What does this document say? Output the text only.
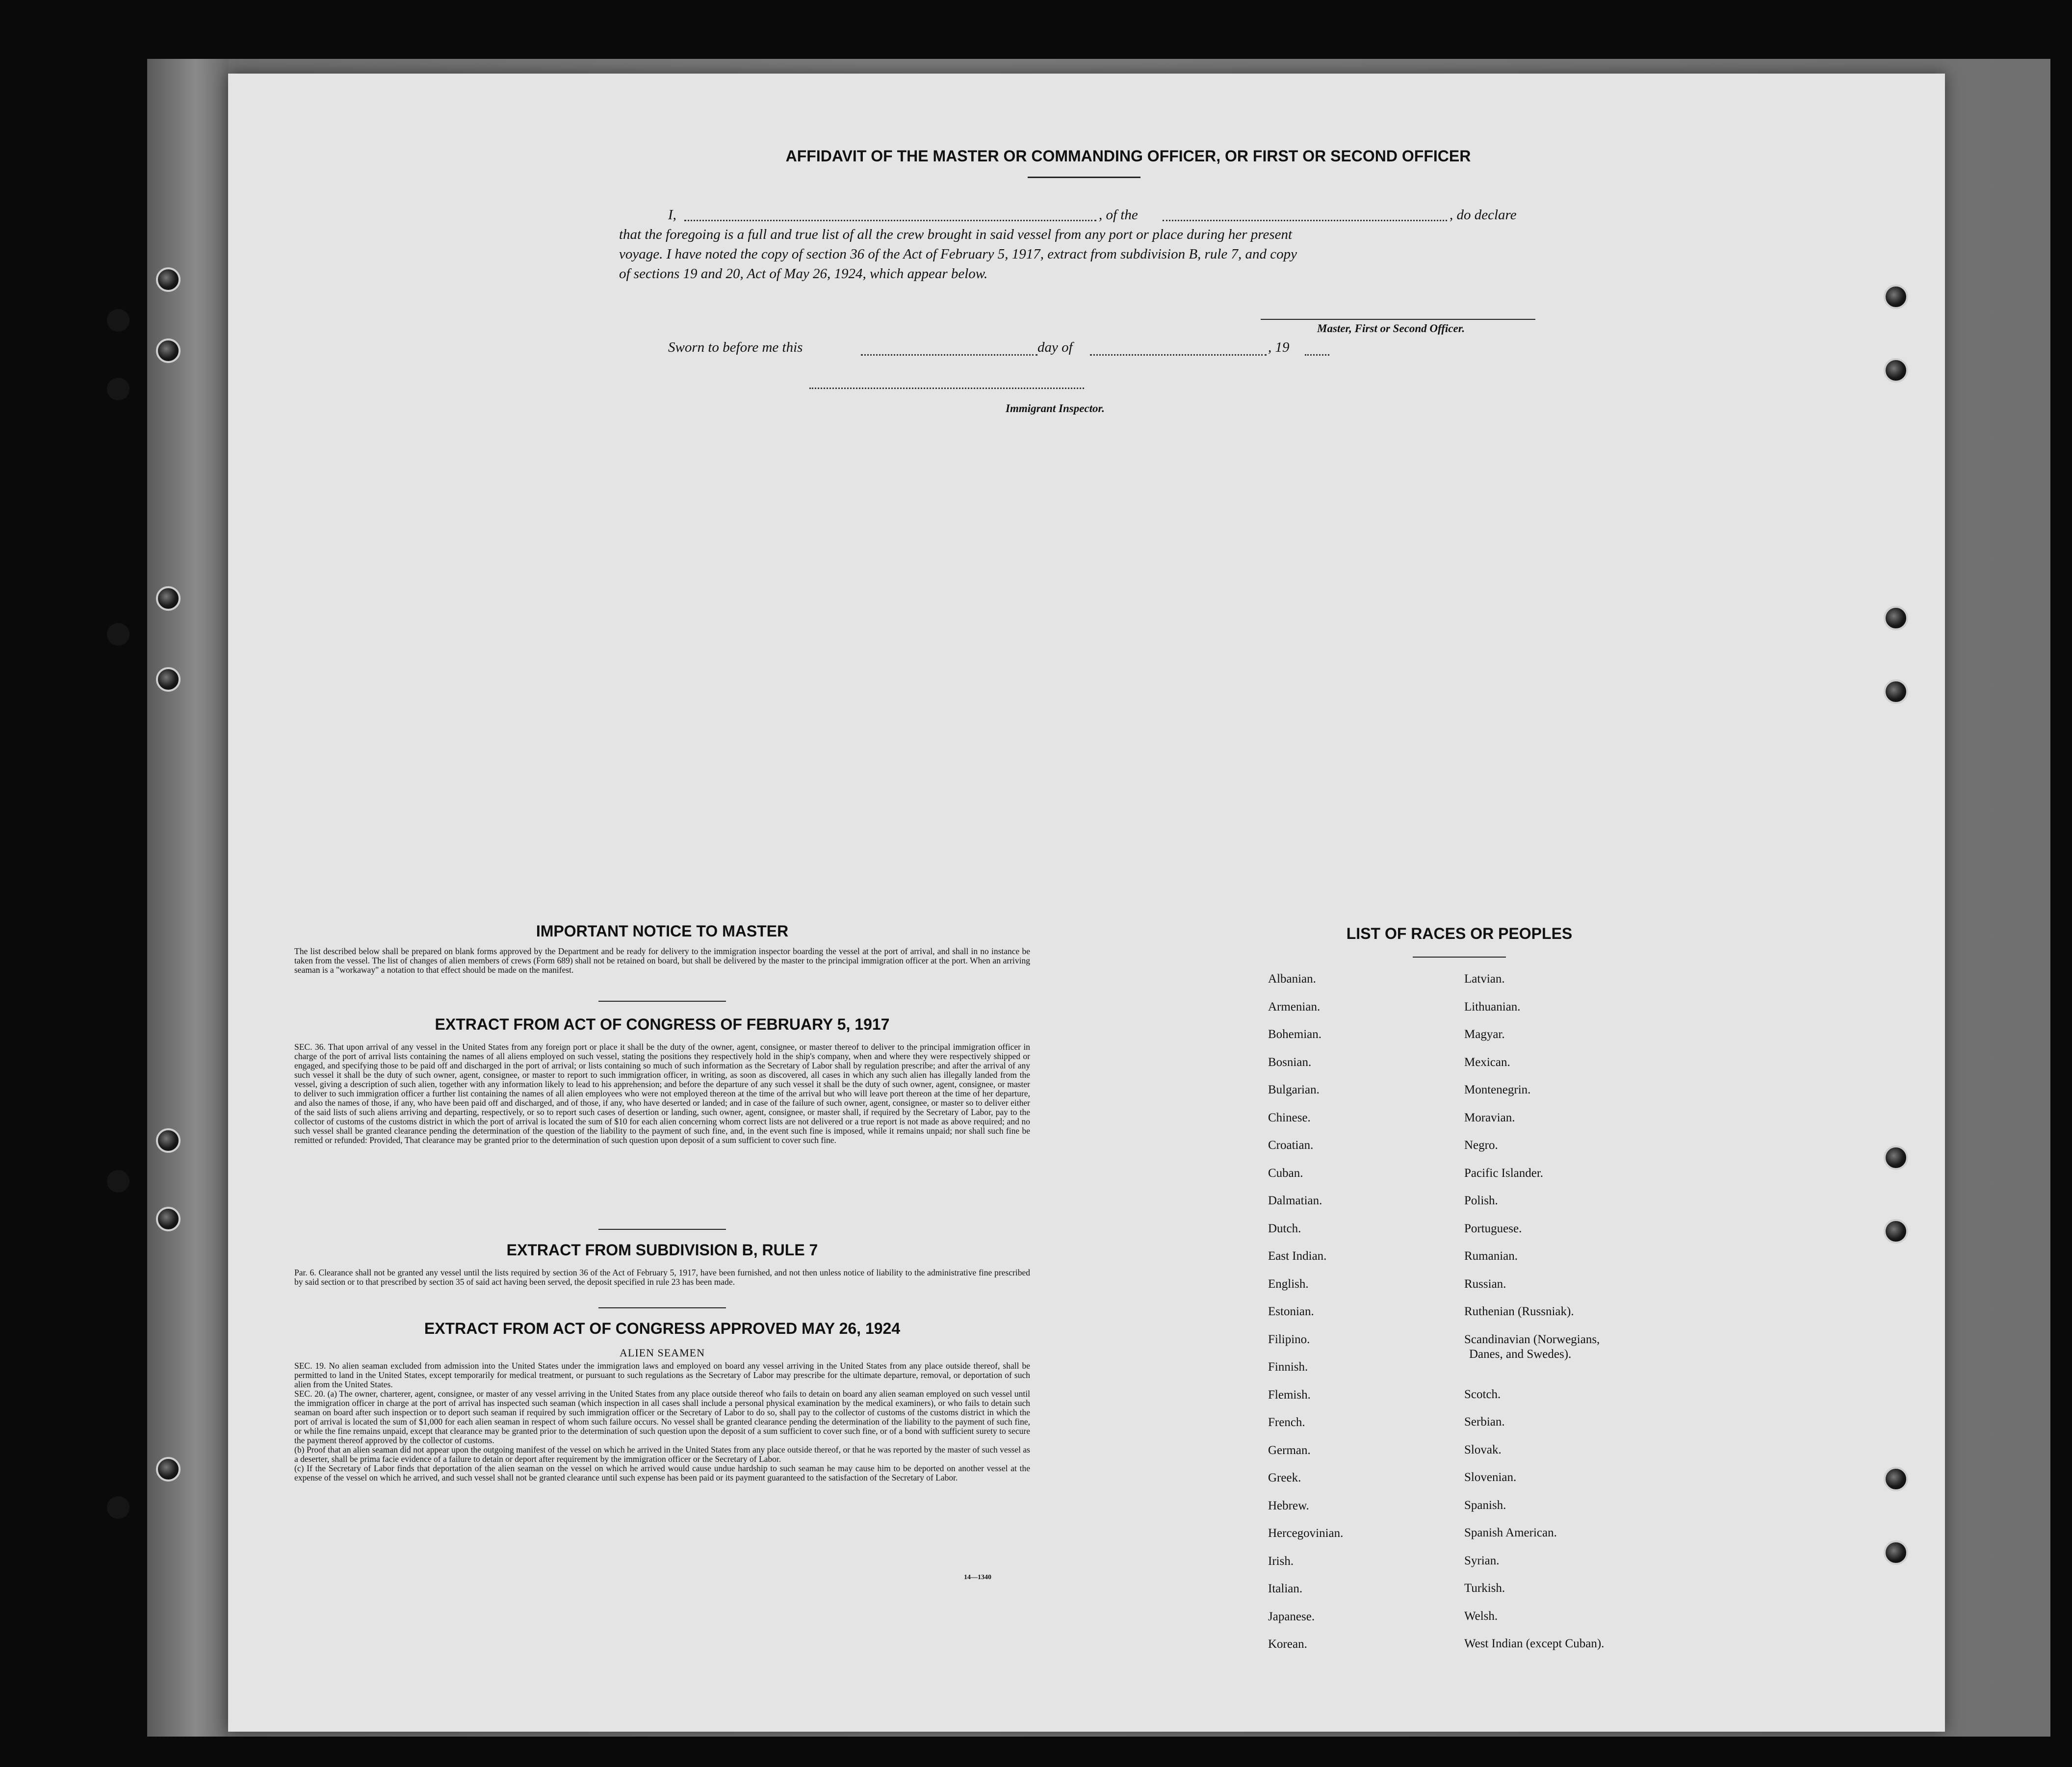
AFFIDAVIT OF THE MASTER OR COMMANDING OFFICER, OR FIRST OR SECOND OFFICER
I,	, of the	, do declare
that the foregoing is a full and true list of all the crew brought in said vessel from any port or place during her present
voyage. I have noted the copy of section 36 of the Act of February 5, 1917, extract from subdivision B, rule 7, and copy
of sections 19 and 20, Act of May 26, 1924, which appear below.
Master, First or Second Officer.
Sworn to before me this	day of	, 19
Immigrant Inspector.
IMPORTANT NOTICE TO MASTER
The list described below shall be prepared on blank forms approved by the Department and be ready for delivery to the immigration inspector boarding the vessel at the port of arrival, and shall in no instance be taken from the vessel. The list of changes of alien members of crews (Form 689) shall not be retained on board, but shall be delivered by the master to the principal immigration officer at the port. When an arriving seaman is a "workaway" a notation to that effect should be made on the manifest.
EXTRACT FROM ACT OF CONGRESS OF FEBRUARY 5, 1917
SEC. 36. That upon arrival of any vessel in the United States from any foreign port or place it shall be the duty of the owner, agent, consignee, or master thereof to deliver to the principal immigration officer in charge of the port of arrival lists containing the names of all aliens employed on such vessel, stating the positions they respectively hold in the ship's company, when and where they were respectively shipped or engaged, and specifying those to be paid off and discharged in the port of arrival; or lists containing so much of such information as the Secretary of Labor shall by regulation prescribe; and after the arrival of any such vessel it shall be the duty of such owner, agent, consignee, or master to report to such immigration officer, in writing, as soon as discovered, all cases in which any such alien has illegally landed from the vessel, giving a description of such alien, together with any information likely to lead to his apprehension; and before the departure of any such vessel it shall be the duty of such owner, agent, consignee, or master to deliver to such immigration officer a further list containing the names of all alien employees who were not employed thereon at the time of the arrival but who will leave port thereon at the time of her departure, and also the names of those, if any, who have been paid off and discharged, and of those, if any, who have deserted or landed; and in case of the failure of such owner, agent, consignee, or master so to deliver either of the said lists of such aliens arriving and departing, respectively, or so to report such cases of desertion or landing, such owner, agent, consignee, or master shall, if required by the Secretary of Labor, pay to the collector of customs of the customs district in which the port of arrival is located the sum of $10 for each alien concerning whom correct lists are not delivered or a true report is not made as above required; and no such vessel shall be granted clearance pending the determination of the question of the liability to the payment of such fine, and, in the event such fine is imposed, while it remains unpaid; nor shall such fine be remitted or refunded: Provided, That clearance may be granted prior to the determination of such question upon deposit of a sum sufficient to cover such fine.
EXTRACT FROM SUBDIVISION B, RULE 7
Par. 6. Clearance shall not be granted any vessel until the lists required by section 36 of the Act of February 5, 1917, have been furnished, and not then unless notice of liability to the administrative fine prescribed by said section or to that prescribed by section 35 of said act having been served, the deposit specified in rule 23 has been made.
EXTRACT FROM ACT OF CONGRESS APPROVED MAY 26, 1924
ALIEN SEAMEN

SEC. 19. No alien seaman excluded from admission into the United States under the immigration laws and employed on board any vessel arriving in the United States from any place outside thereof, shall be permitted to land in the United States, except temporarily for medical treatment, or pursuant to such regulations as the Secretary of Labor may prescribe for the ultimate departure, removal, or deportation of such alien from the United States.

SEC. 20. (a) The owner, charterer, agent, consignee, or master of any vessel arriving in the United States from any place outside thereof who fails to detain on board any alien seaman employed on such vessel until the immigration officer in charge at the port of arrival has inspected such seaman (which inspection in all cases shall include a personal physical examination by the medical examiners), or who fails to detain such seaman on board after such inspection or to deport such seaman if required by such immigration officer or the Secretary of Labor to do so, shall pay to the collector of customs of the customs district in which the port of arrival is located the sum of $1,000 for each alien seaman in respect of whom such failure occurs. No vessel shall be granted clearance pending the determination of the liability to the payment of such fine, or while the fine remains unpaid, except that clearance may be granted prior to the determination of such question upon the deposit of a sum sufficient to cover such fine, or of a bond with sufficient surety to secure the payment thereof approved by the collector of customs.

(b) Proof that an alien seaman did not appear upon the outgoing manifest of the vessel on which he arrived in the United States from any place outside thereof, or that he was reported by the master of such vessel as a deserter, shall be prima facie evidence of a failure to detain or deport after requirement by the immigration officer or the Secretary of Labor.

(c) If the Secretary of Labor finds that deportation of the alien seaman on the vessel on which he arrived would cause undue hardship to such seaman he may cause him to be deported on another vessel at the expense of the vessel on which he arrived, and such vessel shall not be granted clearance until such expense has been paid or its payment guaranteed to the satisfaction of the Secretary of Labor.

14—1340
LIST OF RACES OR PEOPLES
Albanian.
Armenian.
Bohemian.
Bosnian.
Bulgarian.
Chinese.
Croatian.
Cuban.
Dalmatian.
Dutch.
East Indian.
English.
Estonian.
Filipino.
Finnish.
Flemish.
French.
German.
Greek.
Hebrew.
Hercegovinian.
Irish.
Italian.
Japanese.
Korean.
Latvian.
Lithuanian.
Magyar.
Mexican.
Montenegrin.
Moravian.
Negro.
Pacific Islander.
Polish.
Portuguese.
Rumanian.
Russian.
Ruthenian (Russniak).
Scandinavian (Norwegians,
Danes, and Swedes).
Scotch.
Serbian.
Slovak.
Slovenian.
Spanish.
Spanish American.
Syrian.
Turkish.
Welsh.
West Indian (except Cuban).
